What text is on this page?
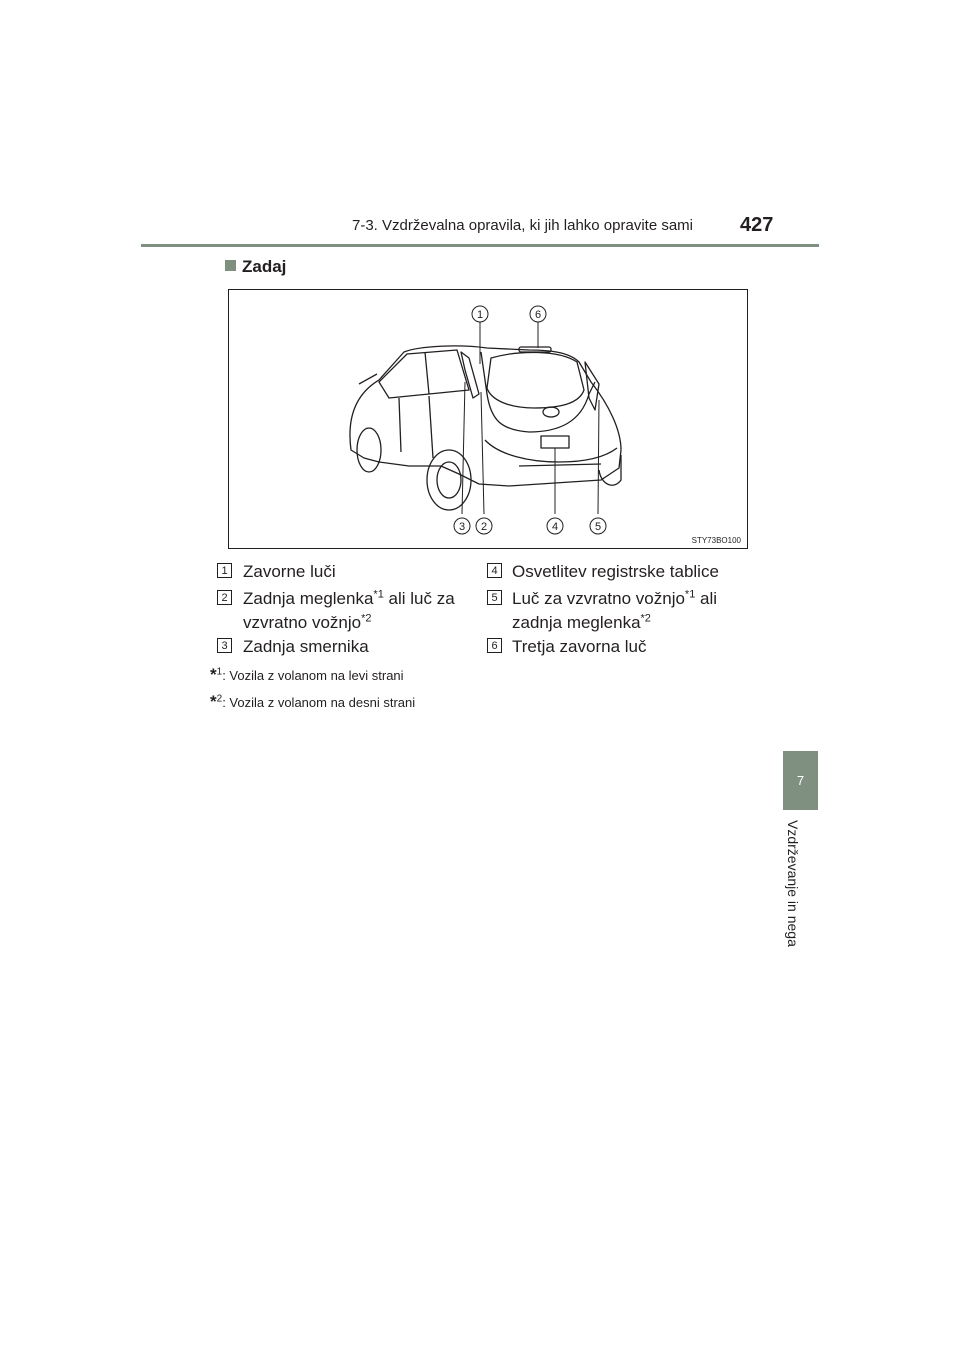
7-3. Vzdrževalna opravila, ki jih lahko opravite sami 427
7
Vzdrževanje in nega
Zadaj
1	6
3 2	4	5
STY73BO100
1 Zavorne luči
2 Zadnja meglenka$^{*1}$ ali luč za vzvratno vožnjo$^{*2}$
3 Zadnja smernika
4 Osvetlitev registrske tablice
5 Luč za vzvratno vožnjo$^{*1}$ ali zadnja meglenka$^{*2}$
6 Tretja zavorna luč
*$^1$: Vozila z volanom na levi strani
*$^2$: Vozila z volanom na desni strani
